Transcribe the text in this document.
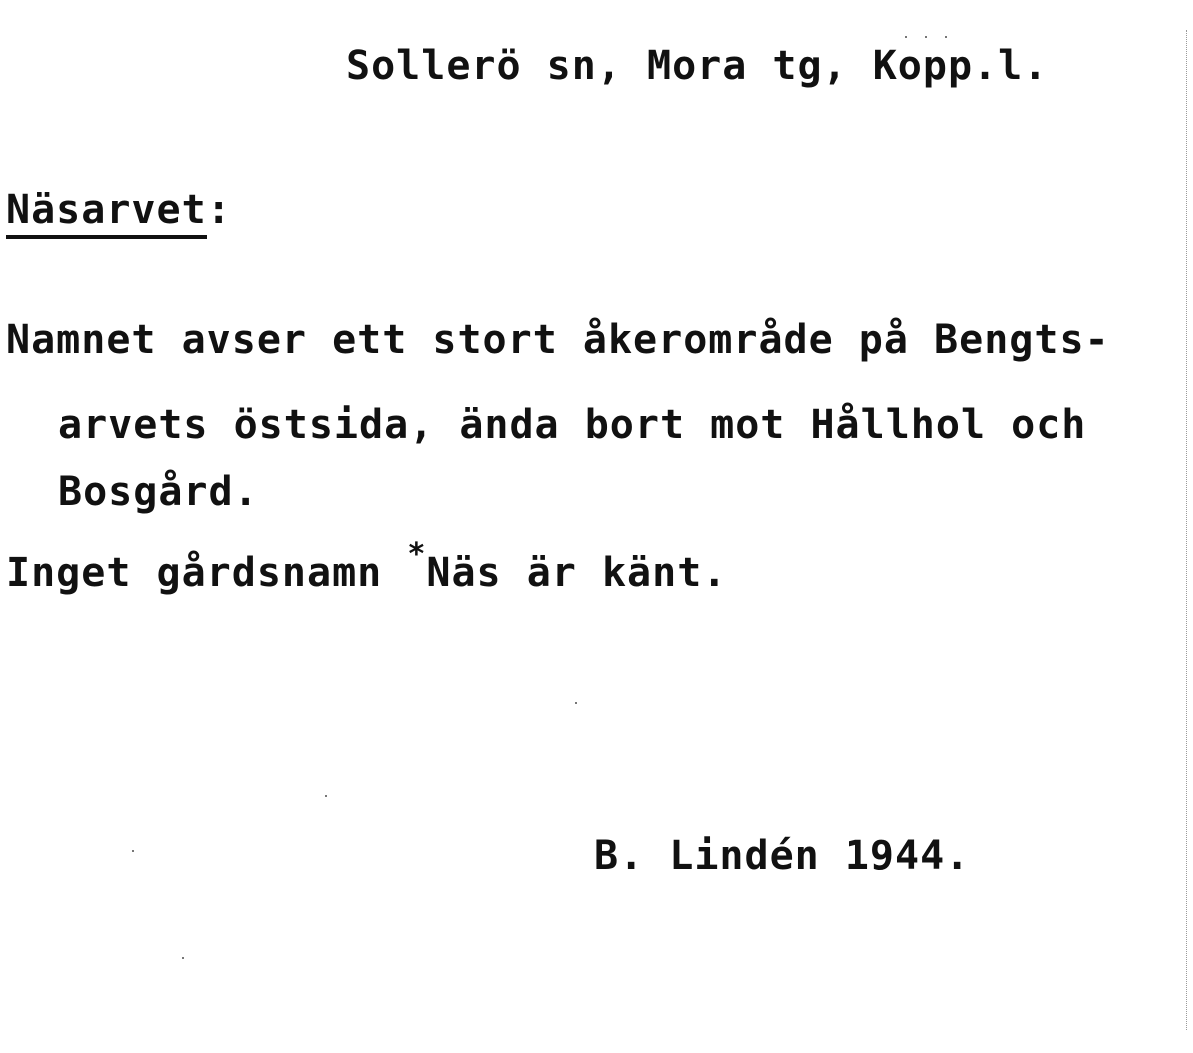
Sollerö sn, Mora tg, Kopp.l.
Näsarvet:
Namnet avser ett stort åkerområde på Bengts-
arvets östsida, ända bort mot Hållhol och
Bosgård.
Inget gårdsnamn *Näs är känt.
B. Lindén 1944.
